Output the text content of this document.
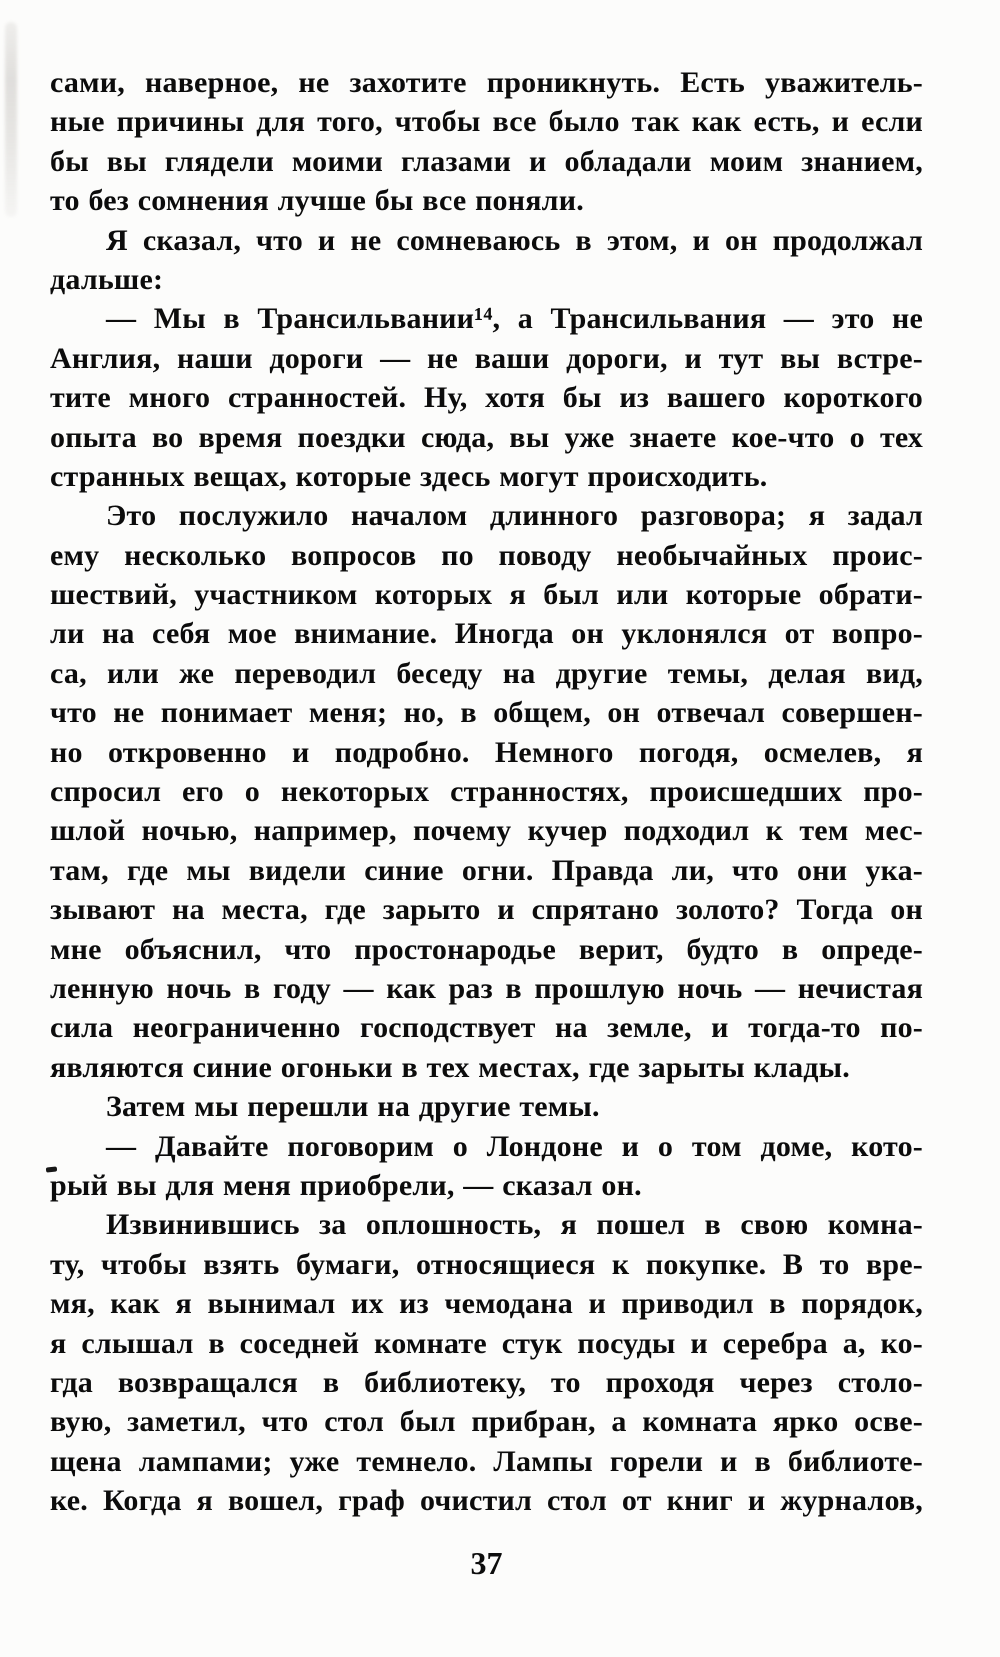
сами, наверное, не захотите проникнуть. Есть уважитель-
ные причины для того, чтобы все было так как есть, и если
бы вы глядели моими глазами и обладали моим знанием,
то без сомнения лучше бы все поняли.
Я сказал, что и не сомневаюсь в этом, и он продолжал
дальше:
— Мы в Трансильвании¹⁴, а Трансильвания — это не
Англия, наши дороги — не ваши дороги, и тут вы встре-
тите много странностей. Ну, хотя бы из вашего короткого
опыта во время поездки сюда, вы уже знаете кое-что о тех
странных вещах, которые здесь могут происходить.
Это послужило началом длинного разговора; я задал
ему несколько вопросов по поводу необычайных проис-
шествий, участником которых я был или которые обрати-
ли на себя мое внимание. Иногда он уклонялся от вопро-
са, или же переводил беседу на другие темы, делая вид,
что не понимает меня; но, в общем, он отвечал совершен-
но откровенно и подробно. Немного погодя, осмелев, я
спросил его о некоторых странностях, происшедших про-
шлой ночью, например, почему кучер подходил к тем мес-
там, где мы видели синие огни. Правда ли, что они ука-
зывают на места, где зарыто и спрятано золото? Тогда он
мне объяснил, что простонародье верит, будто в опреде-
ленную ночь в году — как раз в прошлую ночь — нечистая
сила неограниченно господствует на земле, и тогда-то по-
являются синие огоньки в тех местах, где зарыты клады.
Затем мы перешли на другие темы.
— Давайте поговорим о Лондоне и о том доме, кото-
рый вы для меня приобрели, — сказал он.
Извинившись за оплошность, я пошел в свою комна-
ту, чтобы взять бумаги, относящиеся к покупке. В то вре-
мя, как я вынимал их из чемодана и приводил в порядок,
я слышал в соседней комнате стук посуды и серебра а, ко-
гда возвращался в библиотеку, то проходя через столо-
вую, заметил, что стол был прибран, а комната ярко осве-
щена лампами; уже темнело. Лампы горели и в библиоте-
ке. Когда я вошел, граф очистил стол от книг и журналов,
37
